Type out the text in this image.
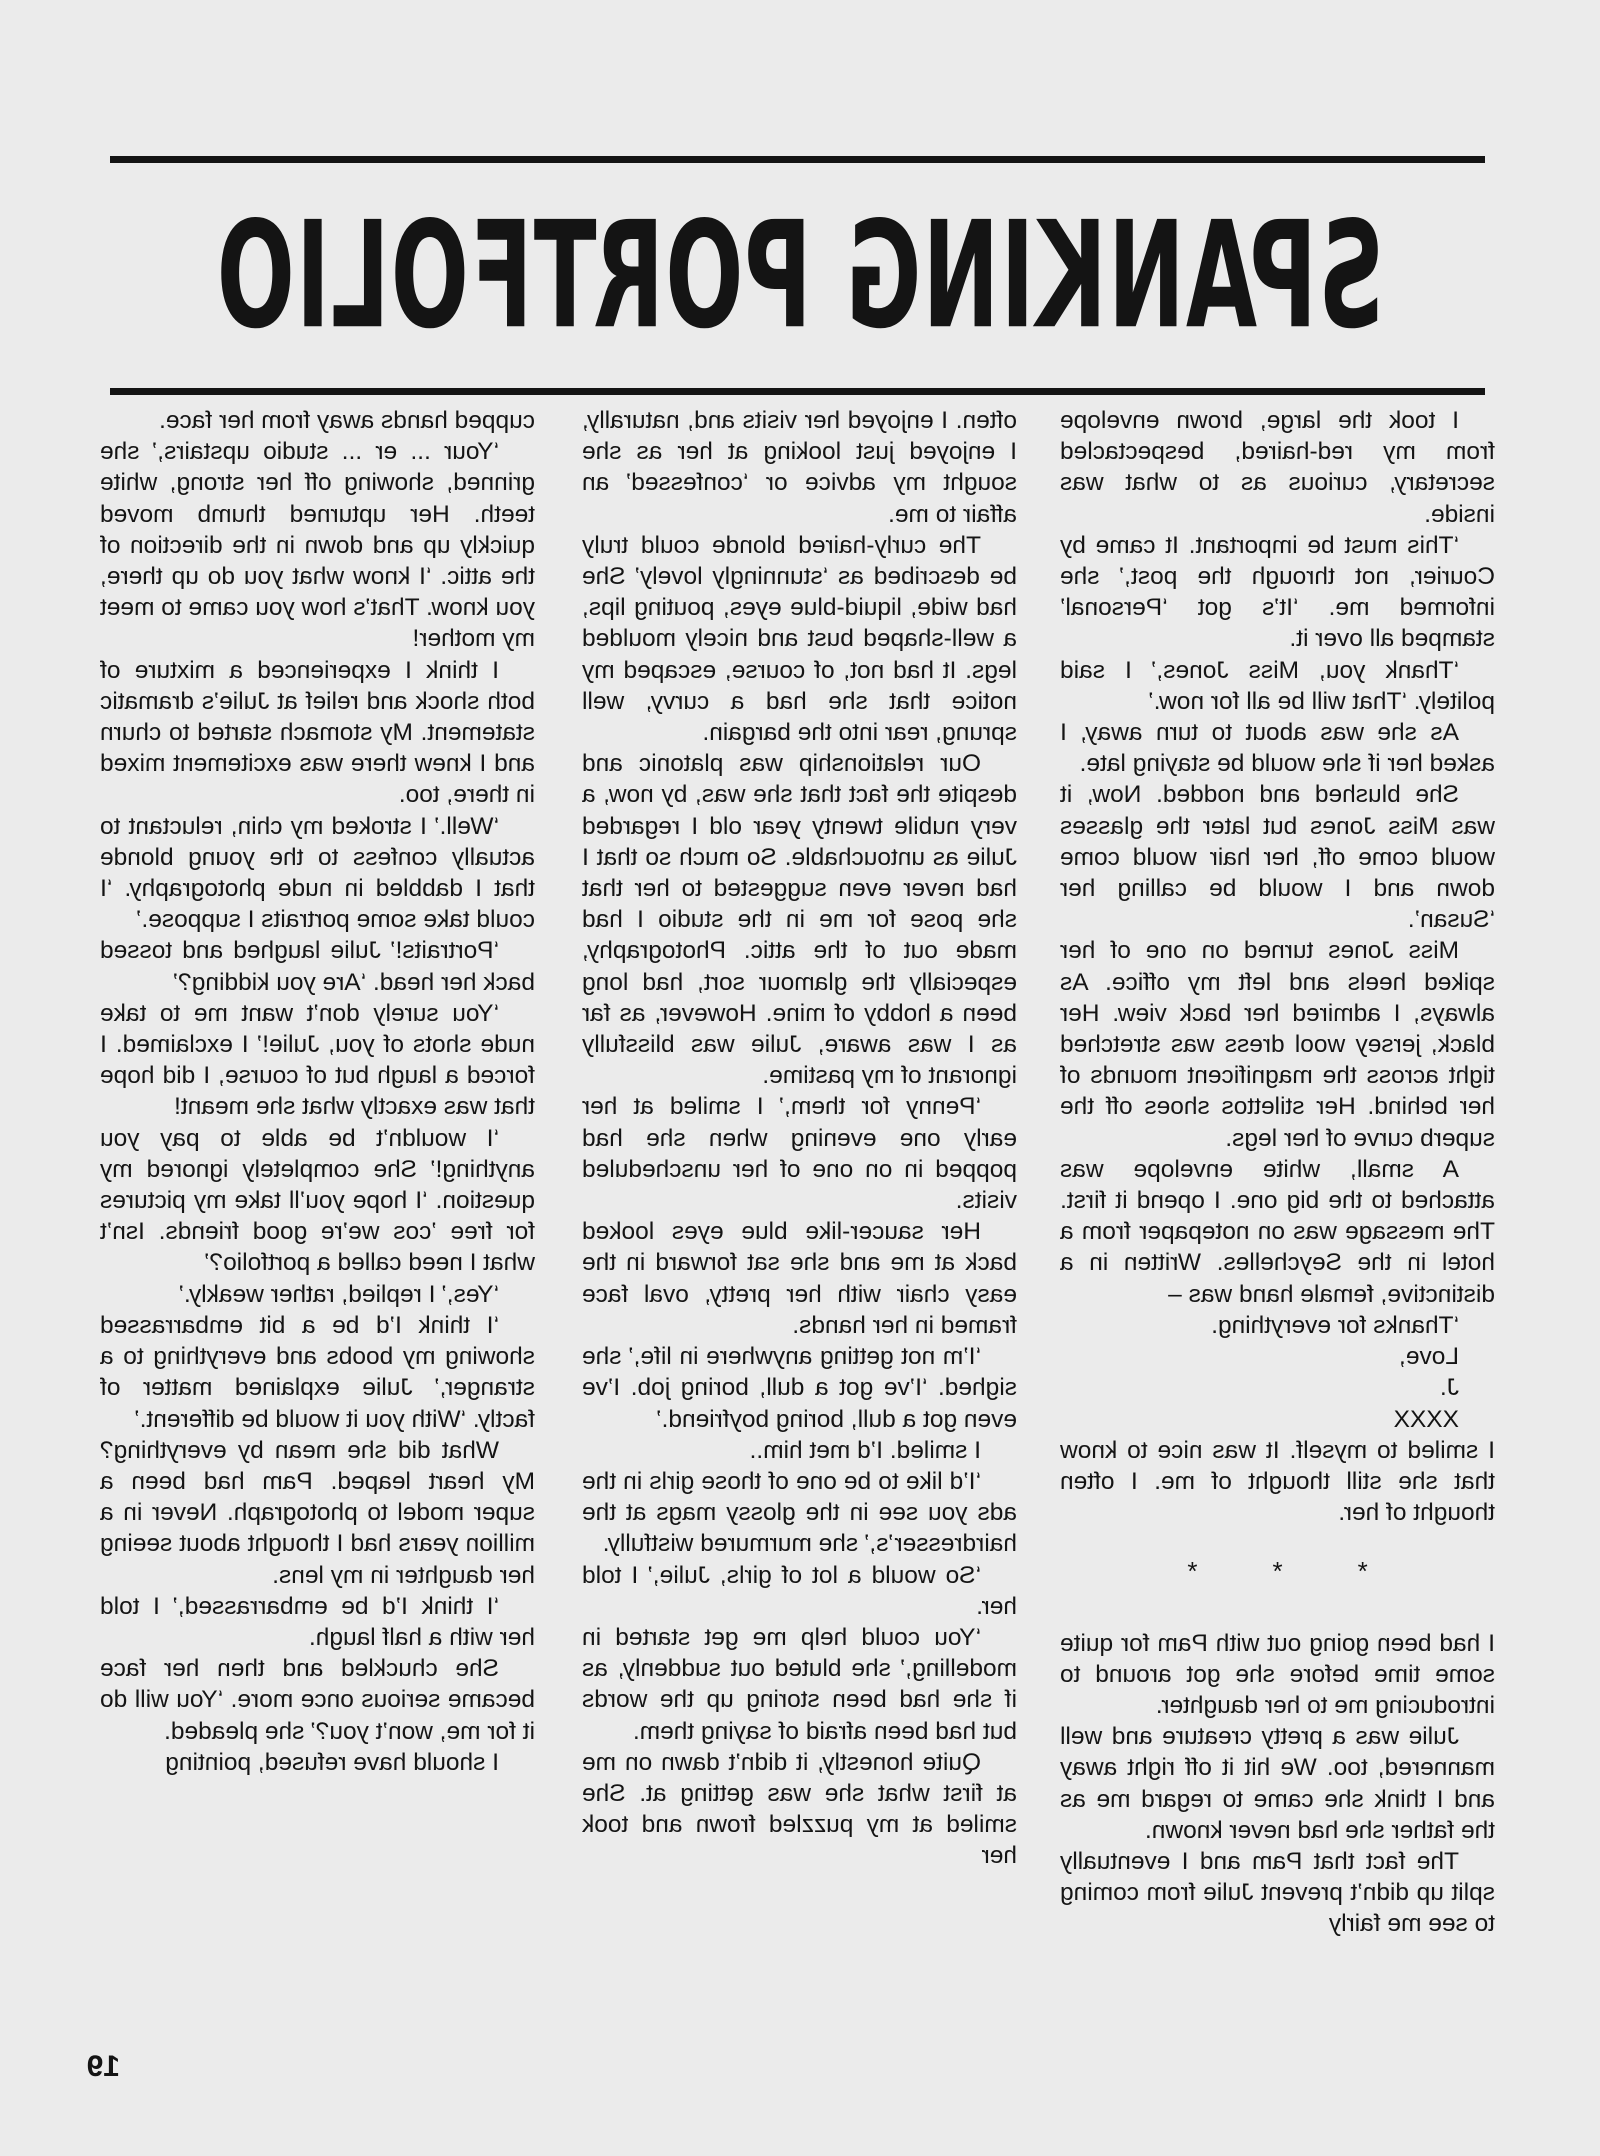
SPANKING PORTFOLIO

I took the large, brown envelope from my red-haired, bespectacled secretary, curious as to what was inside.

‘This must be important. It came by Courier, not through the post,’ she informed me. ‘It’s got ‘Personal’ stamped all over it.

‘Thank you, Miss Jones,’ I said politely. ‘That will be all for now.’

As she was about to turn away, I asked her if she would be staying late.

She blushed and nodded. Now, it was Miss Jones but later the glasses would come off, her hair would come down and I would be calling her ‘Susan’.

Miss Jones turned on one of her spiked heels and left my office. As always, I admired her back view. Her black, jersey wool dress was stretched tight across the magnificent mounds of her behind. Her stilettos shoes off the superb curve of her legs.

A small, white envelope was attached to the big one. I opend it first. The message was on notepaper from a hotel in the Seychelles. Written in a distinctive, female hand was –

‘Thanks for everything.

Love,

J.

XXXX

I smiled to myself. It was nice to know that she still thought of me. I often thought of her.

*
*
*

I had been going out with Pam for quite some time before she got around to introducing me to her daughter.

Julie was a pretty creature and well mannered, too. We hit it off right away and I think she came to regard me as the father she had never known.

The fact that Pam and I eventually split up didn’t prevent Julie from coming to see me fairly

often. I enjoyed her visits and, naturally, I enjoyed just looking at her as she sought my advice or ‘confessed’ an affair to me.

The curly-haired blonde could truly be described as ‘stunningly lovely’ She had wide, liquid-blue eyes, pouting lips, a well-shaped bust and nicely moulded legs. It had not, of course, escaped my notice that she had a curvy, well sprung, rear into the bargain.

Our relationship was platonic and despite the fact that she was, by now, a very nubile twenty year old I regarded Julie as untouchable. So much so that I had never even suggested to her that she pose for me in the studio I had made out of the attic. Photography, especially the glamour sort, had long been a hobby of mine. However, as far as I was aware, Julie was blissfully ignorant of my pastime.

‘Penny for them,’ I smiled at her early one evening when she had popped in on one of her unscheduled visits.

Her saucer-like blue eyes looked back at me and she sat forward in the easy chair with her pretty, oval face framed in her hands.

‘I’m not getting anywhere in life,’ she sighed. ‘I’ve got a dull, boring job. I’ve even got a dull, boring boyfriend.’

I smiled. I’d met him..

‘I’d like to be one of those girls in the ads you see in the glossy mags at the hairdresser’s,’ she murmured wistfully.

‘So would a lot of girls, Julie,’ I told her.

‘You could help me get started in modelling,’ she bluted out suddenly, as if she had been storing up the words but had been afraid of saying them.

Quite honestly, it didn’t dawn on me at first what she was getting at. She smiled at my puzzled frown and took her

cupped hands away from her face.

‘Your ... er ... studio upstairs,’ she grinned, showing off her strong, white teeth. Her upturned thumb moved quickly up and down in the direction of the attic. ‘I know what you do up there, you know. That’s how you came to meet my mother!

I think I experienced a mixture of both shock and relief at Julie’s dramatic statement. My stomach started to churn and I knew there was excitement mixed in there, too.

‘Well.’ I stroked my chin, reluctant to actually confess to the young blonde that I dabbled in nude photography. ‘I could take some portraits I suppose.’

‘Portraits!’ Julie laughed and tossed back her head. ‘Are you kidding?’

‘You surely don’t want me to take nude shots of you, Julie!’ I exclaimed. I forced a laugh but of course, I did hope that was exactly what she meant!

‘I wouldn’t be able to pay you anything!’ She completely ignored my question. ‘I hope you’ll take my pictures for free ’cos we’re good friends. Isn’t what I need called a portfolio?’

‘Yes,’ I replied, rather weakly.’

‘I think I’d be a bit embarrassed showing my boobs and everything to a stranger,’ Julie explained matter of factly. ‘With you it would be different.’

What did she mean by everything? My heart leaped. Pam had been a super model to photograph. Never in a million years had I thought about seeing her daughter in my lens.

‘I think I’d be embarrassed,’ I told her with a half laugh.

She chuckled and then her face became serious once more. ‘You will do it for me, won’t you?’ she pleaded.

I should have refused, pointing

19
